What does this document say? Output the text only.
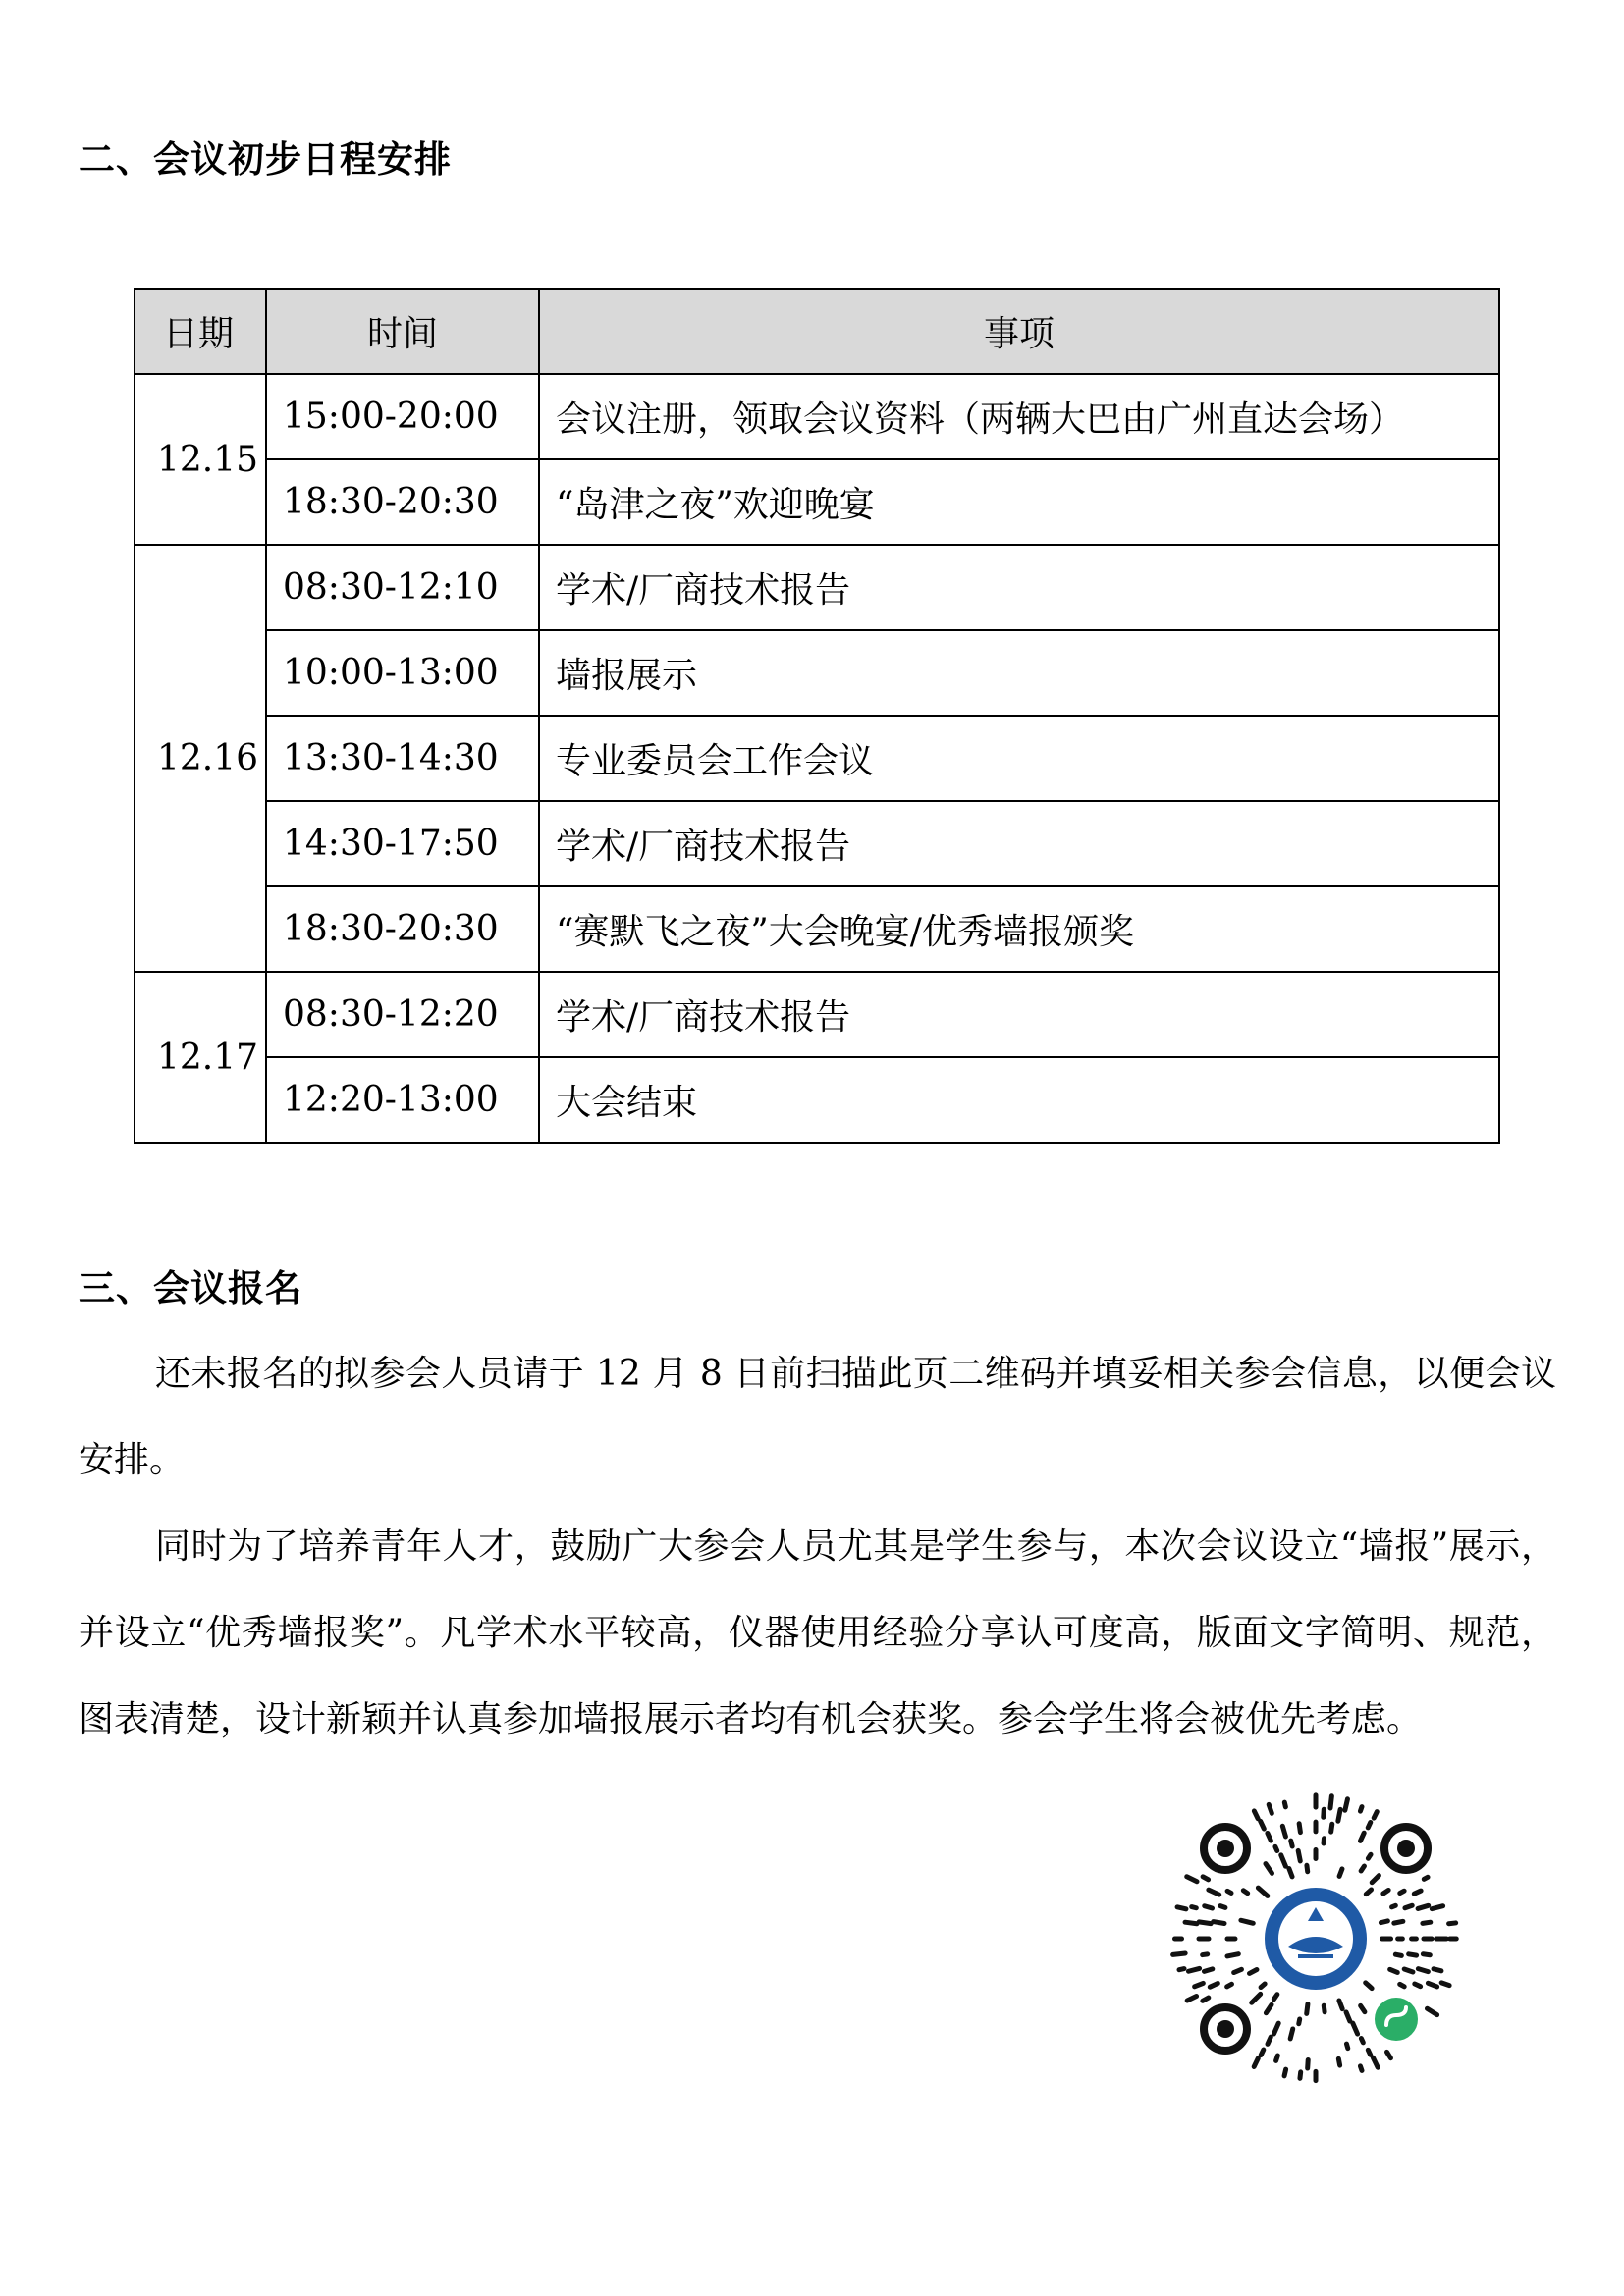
二、会议初步日程安排
日期	时间	事项
12.15	15:00-20:00	会议注册，领取会议资料（两辆大巴由广州直达会场）
	18:30-20:30	“岛津之夜”欢迎晚宴
12.16	08:30-12:10	学术/厂商技术报告
	10:00-13:00	墙报展示
	13:30-14:30	专业委员会工作会议
	14:30-17:50	学术/厂商技术报告
	18:30-20:30	“赛默飞之夜”大会晚宴/优秀墙报颁奖
12.17	08:30-12:20	学术/厂商技术报告
	12:20-13:00	大会结束
三、会议报名

还未报名的拟参会人员请于 12 月 8 日前扫描此页二维码并填妥相关参会信息，以便会议安排。

同时为了培养青年人才，鼓励广大参会人员尤其是学生参与，本次会议设立“墙报”展示，并设立“优秀墙报奖”。凡学术水平较高，仪器使用经验分享认可度高，版面文字简明、规范，图表清楚，设计新颖并认真参加墙报展示者均有机会获奖。参会学生将会被优先考虑。
